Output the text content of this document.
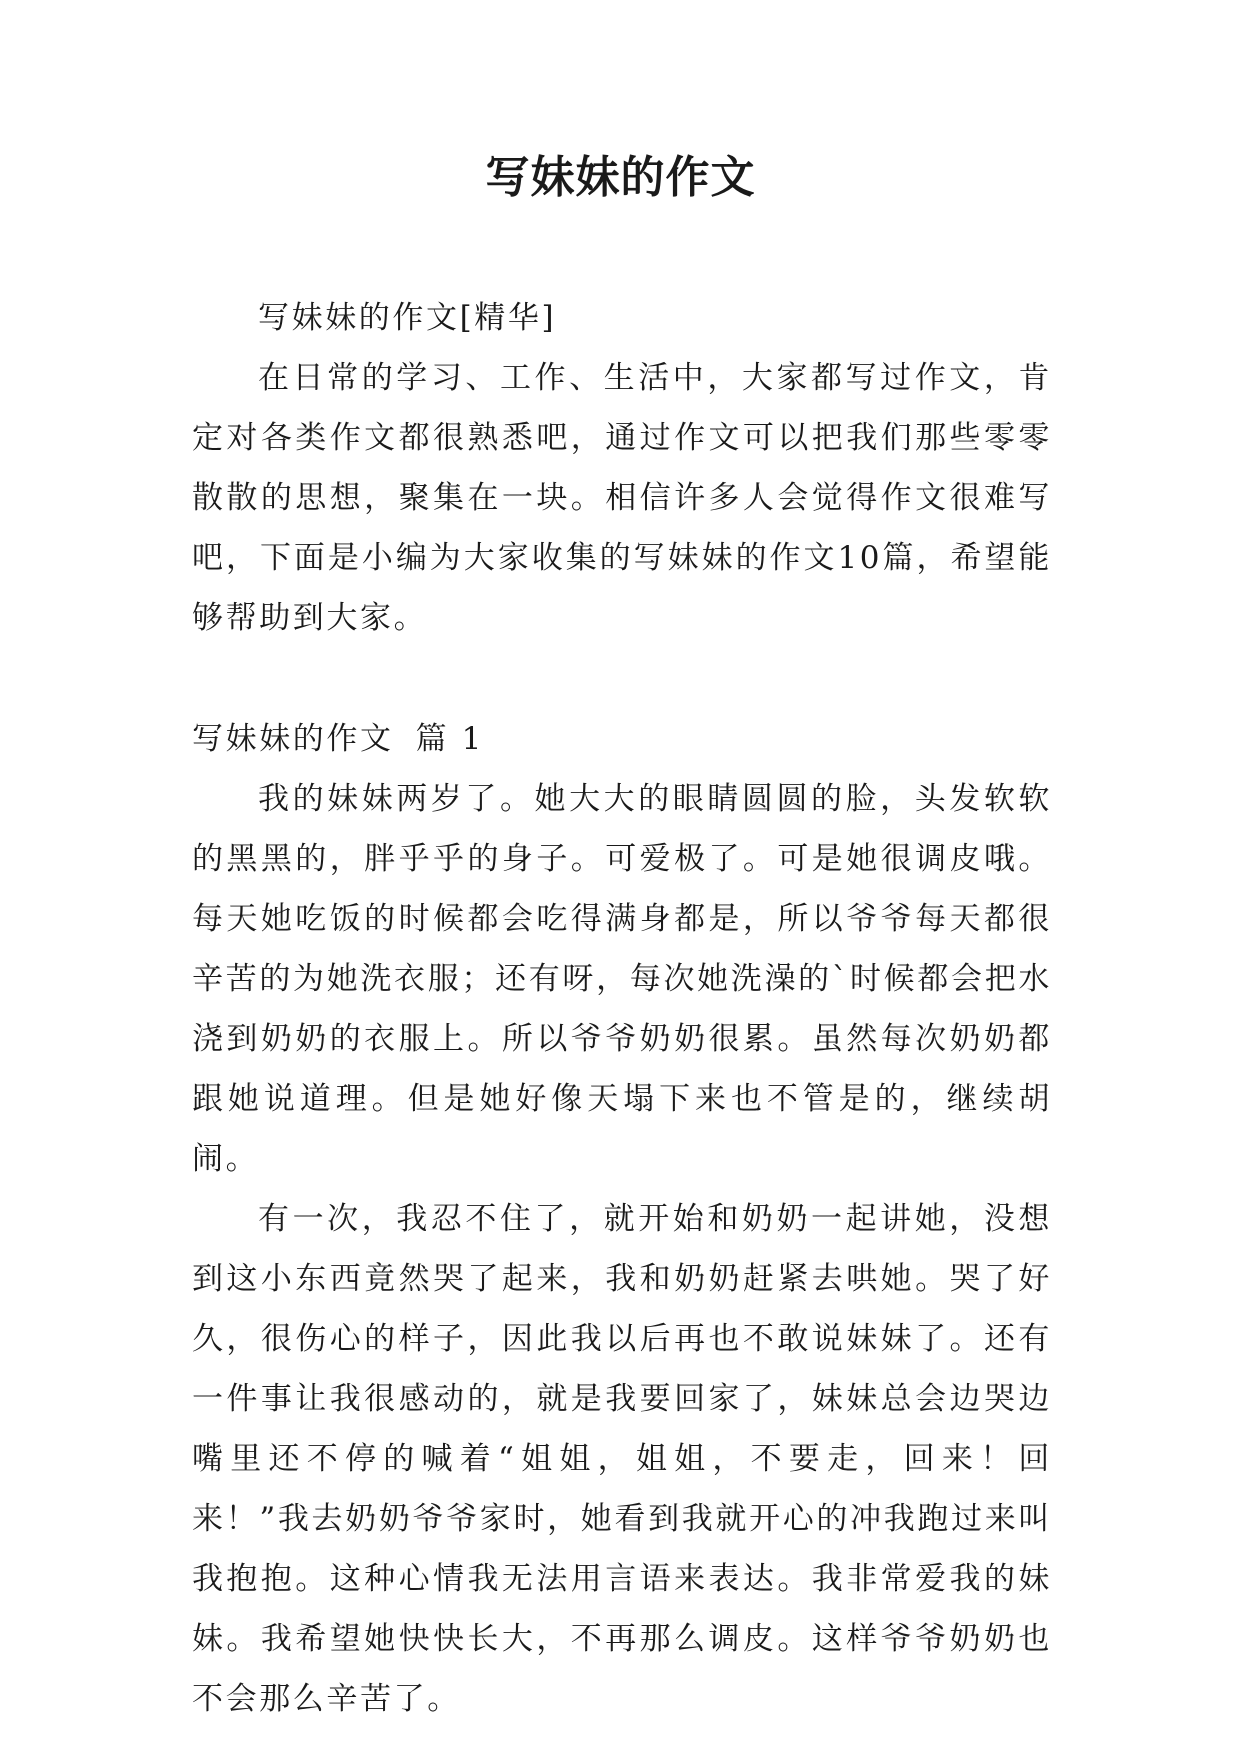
写妹妹的作文

写妹妹的作文[精华]

在日常的学习、工作、生活中，大家都写过作文，肯定对各类作文都很熟悉吧，通过作文可以把我们那些零零散散的思想，聚集在一块。相信许多人会觉得作文很难写吧，下面是小编为大家收集的写妹妹的作文10篇，希望能够帮助到大家。

写妹妹的作文 篇 1

我的妹妹两岁了。她大大的眼睛圆圆的脸，头发软软的黑黑的，胖乎乎的身子。可爱极了。可是她很调皮哦。每天她吃饭的时候都会吃得满身都是，所以爷爷每天都很辛苦的为她洗衣服；还有呀，每次她洗澡的`时候都会把水浇到奶奶的衣服上。所以爷爷奶奶很累。虽然每次奶奶都跟她说道理。但是她好像天塌下来也不管是的，继续胡闹。

有一次，我忍不住了，就开始和奶奶一起讲她，没想到这小东西竟然哭了起来，我和奶奶赶紧去哄她。哭了好久，很伤心的样子，因此我以后再也不敢说妹妹了。还有一件事让我很感动的，就是我要回家了，妹妹总会边哭边嘴里还不停的喊着“姐姐，姐姐，不要走，回来！回来！”我去奶奶爷爷家时，她看到我就开心的冲我跑过来叫我抱抱。这种心情我无法用言语来表达。我非常爱我的妹妹。我希望她快快长大，不再那么调皮。这样爷爷奶奶也不会那么辛苦了。
